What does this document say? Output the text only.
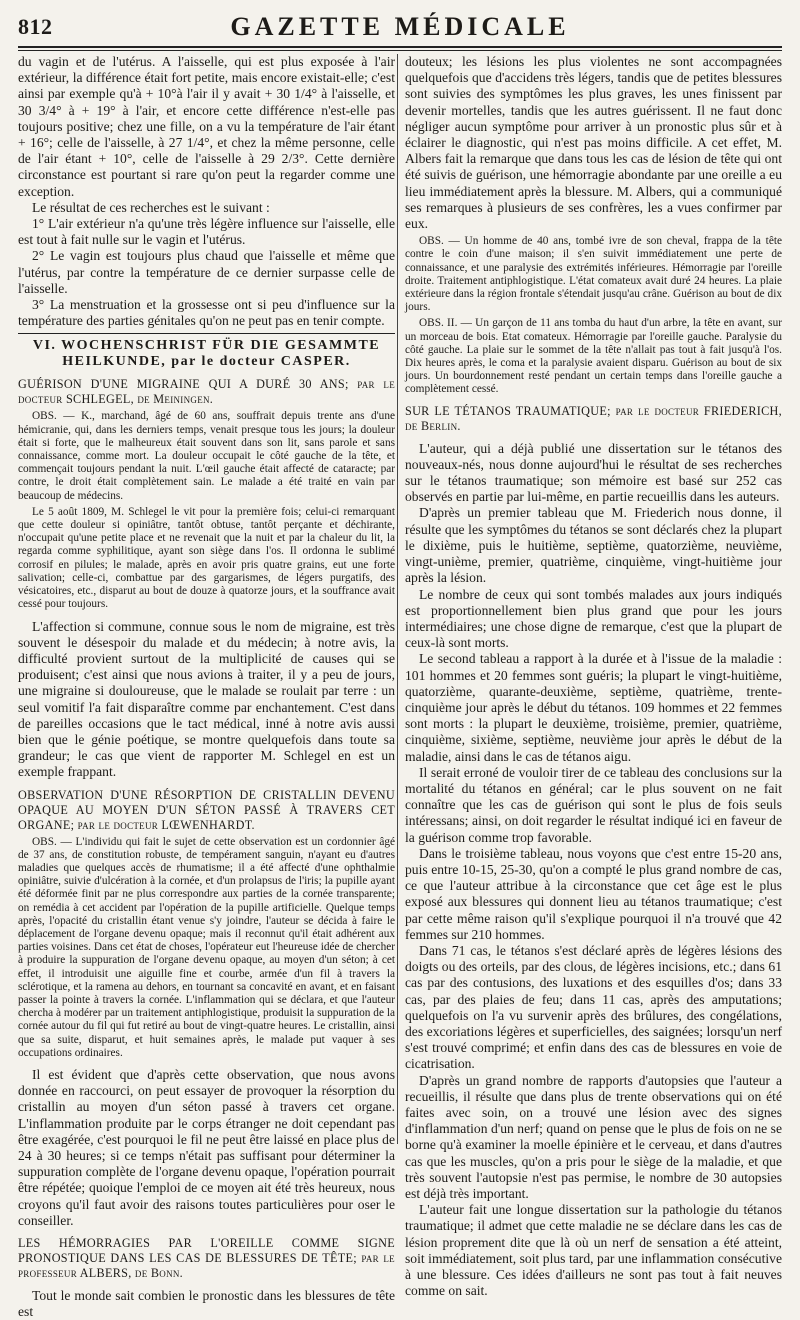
812	GAZETTE MÉDICALE

du vagin et de l'utérus. A l'aisselle, qui est plus exposée à l'air extérieur, la différence était fort petite, mais encore existait-elle; c'est ainsi par exemple qu'à + 10°à l'air il y avait + 30 1/4° à l'aisselle, et 30 3/4° à + 19° à l'air, et encore cette différence n'est-elle pas toujours positive; chez une fille, on a vu la température de l'air étant + 16°; celle de l'aisselle, à 27 1/4°, et chez la même personne, celle de l'air étant + 10°, celle de l'aisselle à 29 2/3°. Cette dernière circonstance est pourtant si rare qu'on peut la regarder comme une exception.

Le résultat de ces recherches est le suivant :

1° L'air extérieur n'a qu'une très légère influence sur l'aisselle, elle est tout à fait nulle sur le vagin et l'utérus.

2° Le vagin est toujours plus chaud que l'aisselle et même que l'utérus, par contre la température de ce dernier surpasse celle de l'aisselle.

3° La menstruation et la grossesse ont si peu d'influence sur la température des parties génitales qu'on ne peut pas en tenir compte.

VI. WOCHENSCHRIST FÜR DIE GESAMMTE HEILKUNDE, par le docteur CASPER.

GUÉRISON D'UNE MIGRAINE QUI A DURÉ 30 ANS; par le docteur SCHLEGEL, de Meiningen.

OBS. — K., marchand, âgé de 60 ans, souffrait depuis trente ans d'une hémicranie, qui, dans les derniers temps, venait presque tous les jours; la douleur était si forte, que le malheureux était souvent dans son lit, sans parole et sans connaissance, comme mort. La douleur occupait le côté gauche de la tête, et commençait toujours pendant la nuit. L'œil gauche était affecté de cataracte; par contre, le droit était complètement sain. Le malade a été traité en vain par beaucoup de médecins.

Le 5 août 1809, M. Schlegel le vit pour la première fois; celui-ci remarquant que cette douleur si opiniâtre, tantôt obtuse, tantôt perçante et déchirante, n'occupait qu'une petite place et ne revenait que la nuit et par la chaleur du lit, la regarda comme syphilitique, ayant son siège dans l'os. Il ordonna le sublimé corrosif en pilules; le malade, après en avoir pris quatre grains, eut une forte salivation; celle-ci, combattue par des gargarismes, de légers purgatifs, des vésicatoires, etc., disparut au bout de douze à quatorze jours, et la souffrance avait cessé pour toujours.

L'affection si commune, connue sous le nom de migraine, est très souvent le désespoir du malade et du médecin; à notre avis, la difficulté provient surtout de la multiplicité de causes qui se produisent; c'est ainsi que nous avions à traiter, il y a peu de jours, une migraine si douloureuse, que le malade se roulait par terre : un seul vomitif l'a fait disparaître comme par enchantement. C'est dans de pareilles occasions que le tact médical, inné à notre avis aussi bien que le génie poétique, se montre quelquefois dans toute sa grandeur; le cas que vient de rapporter M. Schlegel en est un exemple frappant.

OBSERVATION D'UNE RÉSORPTION DE CRISTALLIN DEVENU OPAQUE AU MOYEN D'UN SÉTON PASSÉ À TRAVERS CET ORGANE; par le docteur LŒWENHARDT.

OBS. — L'individu qui fait le sujet de cette observation est un cordonnier âgé de 37 ans, de constitution robuste, de tempérament sanguin, n'ayant eu d'autres maladies que quelques accès de rhumatisme; il a été affecté d'une ophthalmie opiniâtre, suivie d'ulcération à la cornée, et d'un prolapsus de l'iris; la pupille ayant été déformée finit par ne plus correspondre aux parties de la cornée transparente; on remédia à cet accident par l'opération de la pupille artificielle. Quelque temps après, l'opacité du cristallin étant venue s'y joindre, l'auteur se décida à faire le déplacement de l'organe devenu opaque; mais il reconnut qu'il était adhérent aux parties voisines. Dans cet état de choses, l'opérateur eut l'heureuse idée de chercher à produire la suppuration de l'organe devenu opaque, au moyen d'un séton; à cet effet, il introduisit une aiguille fine et courbe, armée d'un fil à travers la sclérotique, et la ramena au dehors, en tournant sa concavité en avant, et en faisant passer la pointe à travers la cornée. L'inflammation qui se déclara, et que l'auteur chercha à modérer par un traitement antiphlogistique, produisit la suppuration de la cornée autour du fil qui fut retiré au bout de vingt-quatre heures. Le cristallin, ainsi que sa suite, disparut, et huit semaines après, le malade put vaquer à ses occupations ordinaires.

Il est évident que d'après cette observation, que nous avons donnée en raccourci, on peut essayer de provoquer la résorption du cristallin au moyen d'un séton passé à travers cet organe. L'inflammation produite par le corps étranger ne doit cependant pas être exagérée, c'est pourquoi le fil ne peut être laissé en place plus de 24 à 30 heures; si ce temps n'était pas suffisant pour déterminer la suppuration complète de l'organe devenu opaque, l'opération pourrait être répétée; quoique l'emploi de ce moyen ait été très heureux, nous croyons qu'il faut avoir des raisons toutes particulières pour oser le conseiller.

LES HÉMORRAGIES PAR L'OREILLE COMME SIGNE PRONOSTIQUE DANS LES CAS DE BLESSURES DE TÊTE; par le professeur ALBERS, de Bonn.

Tout le monde sait combien le pronostic dans les blessures de tête est

douteux; les lésions les plus violentes ne sont accompagnées quelquefois que d'accidens très légers, tandis que de petites blessures sont suivies des symptômes les plus graves, les unes finissent par devenir mortelles, tandis que les autres guérissent. Il ne faut donc négliger aucun symptôme pour arriver à un pronostic plus sûr et à éclairer le diagnostic, qui n'est pas moins difficile. A cet effet, M. Albers fait la remarque que dans tous les cas de lésion de tête qui ont été suivis de guérison, une hémorragie abondante par une oreille a eu lieu immédiatement après la blessure. M. Albers, qui a communiqué ses remarques à plusieurs de ses confrères, les a vues confirmer par eux.

OBS. — Un homme de 40 ans, tombé ivre de son cheval, frappa de la tête contre le coin d'une maison; il s'en suivit immédiatement une perte de connaissance, et une paralysie des extrémités inférieures. Hémorragie par l'oreille droite. Traitement antiphlogistique. L'état comateux avait duré 24 heures. La plaie extérieure dans la région frontale s'étendait jusqu'au crâne. Guérison au bout de dix jours.

OBS. II. — Un garçon de 11 ans tomba du haut d'un arbre, la tête en avant, sur un morceau de bois. Etat comateux. Hémorragie par l'oreille gauche. Paralysie du côté gauche. La plaie sur le sommet de la tête n'allait pas tout à fait jusqu'à l'os. Dix heures après, le coma et la paralysie avaient disparu. Guérison au bout de six jours. Un bourdonnement resté pendant un certain temps dans l'oreille gauche a complètement cessé.

SUR LE TÉTANOS TRAUMATIQUE; par le docteur FRIEDERICH, de Berlin.

L'auteur, qui a déjà publié une dissertation sur le tétanos des nouveaux-nés, nous donne aujourd'hui le résultat de ses recherches sur le tétanos traumatique; son mémoire est basé sur 252 cas observés en partie par lui-même, en partie recueillis dans les auteurs.

D'après un premier tableau que M. Friederich nous donne, il résulte que les symptômes du tétanos se sont déclarés chez la plupart le dixième, puis le huitième, septième, quatorzième, neuvième, vingt-unième, premier, quatrième, cinquième, vingt-huitième jour après la lésion.

Le nombre de ceux qui sont tombés malades aux jours indiqués est proportionnellement bien plus grand que pour les jours intermédiaires; une chose digne de remarque, c'est que la plupart de ceux-là sont morts.

Le second tableau a rapport à la durée et à l'issue de la maladie : 101 hommes et 20 femmes sont guéris; la plupart le vingt-huitième, quatorzième, quarante-deuxième, septième, quatrième, trente-cinquième jour après le début du tétanos. 109 hommes et 22 femmes sont morts : la plupart le deuxième, troisième, premier, quatrième, cinquième, sixième, septième, neuvième jour après le début de la maladie, ainsi dans le cas de tétanos aigu.

Il serait erroné de vouloir tirer de ce tableau des conclusions sur la mortalité du tétanos en général; car le plus souvent on ne fait connaître que les cas de guérison qui sont le plus de fois seuls intéressans; ainsi, on doit regarder le résultat indiqué ici en faveur de la guérison comme trop favorable.

Dans le troisième tableau, nous voyons que c'est entre 15-20 ans, puis entre 10-15, 25-30, qu'on a compté le plus grand nombre de cas, ce que l'auteur attribue à la circonstance que cet âge est le plus exposé aux blessures qui donnent lieu au tétanos traumatique; c'est par cette même raison qu'il s'explique pourquoi il n'a trouvé que 42 femmes sur 210 hommes.

Dans 71 cas, le tétanos s'est déclaré après de légères lésions des doigts ou des orteils, par des clous, de légères incisions, etc.; dans 61 cas par des contusions, des luxations et des esquilles d'os; dans 33 cas, par des plaies de feu; dans 11 cas, après des amputations; quelquefois on l'a vu survenir après des brûlures, des congélations, des excoriations légères et superficielles, des saignées; lorsqu'un nerf s'est trouvé comprimé; et enfin dans des cas de blessures en voie de cicatrisation.

D'après un grand nombre de rapports d'autopsies que l'auteur a recueillis, il résulte que dans plus de trente observations qui on été faites avec soin, on a trouvé une lésion avec des signes d'inflammation d'un nerf; quand on pense que le plus de fois on ne se borne qu'à examiner la moelle épinière et le cerveau, et dans d'autres cas que les muscles, qu'on a pris pour le siège de la maladie, et que très souvent l'autopsie n'est pas permise, le nombre de 30 autopsies est déjà très important.

L'auteur fait une longue dissertation sur la pathologie du tétanos traumatique; il admet que cette maladie ne se déclare dans les cas de lésion proprement dite que là où un nerf de sensation a été atteint, soit immédiatement, soit plus tard, par une inflammation consécutive à une blessure. Ces idées d'ailleurs ne sont pas tout à fait neuves comme on sait.
